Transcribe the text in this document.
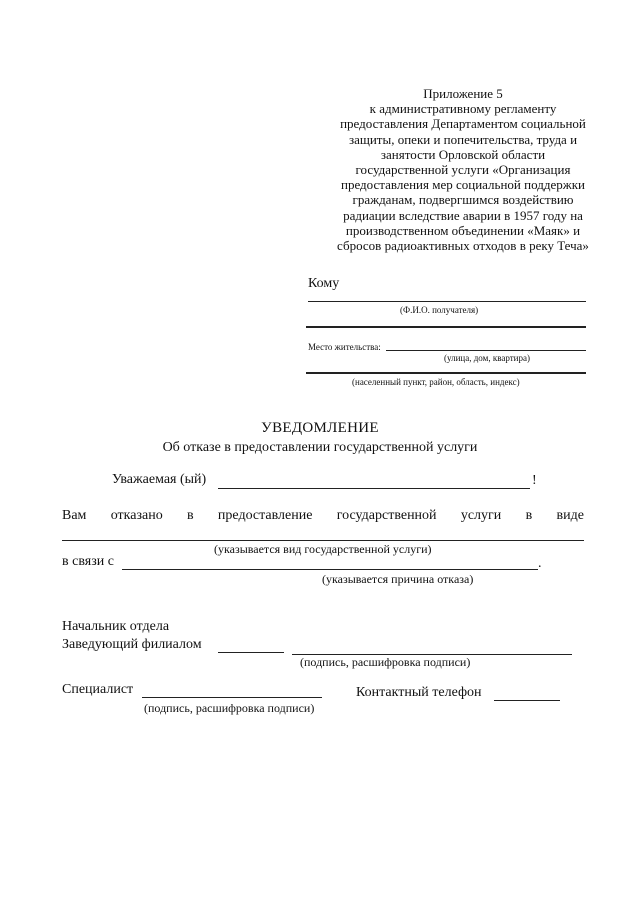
Приложение 5
к административному регламенту
предоставления Департаментом социальной
защиты, опеки и попечительства, труда и
занятости Орловской области
государственной услуги «Организация
предоставления мер социальной поддержки
гражданам, подвергшимся воздействию
радиации вследствие аварии в 1957 году на
производственном объединении «Маяк» и
сбросов радиоактивных отходов в реку Теча»
Кому
(Ф.И.О. получателя)
Место жительства:
(улица, дом, квартира)
(населенный пункт, район, область, индекс)
УВЕДОМЛЕНИЕ
Об отказе в предоставлении государственной услуги
Уважаемая (ый)	!
Вам отказано в предоставление государственной услуги в виде
(указывается вид государственной услуги)
в связи с	.
(указывается причина отказа)
Начальник отдела
Заведующий филиалом
(подпись, расшифровка подписи)
Специалист
(подпись, расшифровка подписи)
Контактный телефон
